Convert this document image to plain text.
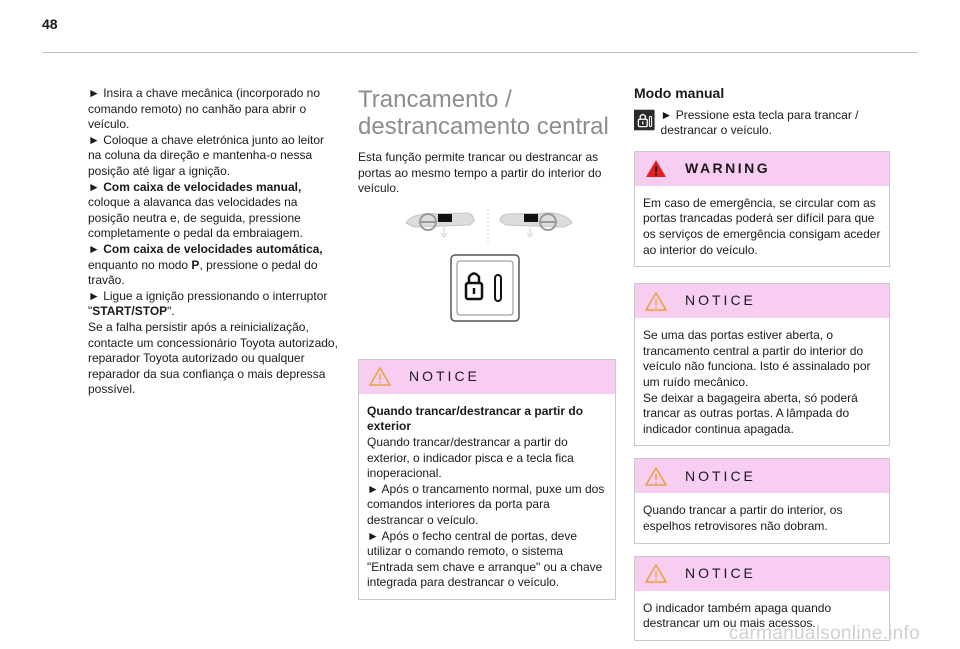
48

► Insira a chave mecânica (incorporado no comando remoto) no canhão para abrir o veículo.

► Coloque a chave eletrónica junto ao leitor na coluna da direção e mantenha-o nessa posição até ligar a ignição.

► Com caixa de velocidades manual, coloque a alavanca das velocidades na posição neutra e, de seguida, pressione completamente o pedal da embraiagem.

► Com caixa de velocidades automática, enquanto no modo P, pressione o pedal do travão.

► Ligue a ignição pressionando o interruptor "START/STOP".

Se a falha persistir após a reinicialização, contacte um concessionário Toyota autorizado, reparador Toyota autorizado ou qualquer reparador da sua confiança o mais depressa possível.

Trancamento / destrancamento central

Esta função permite trancar ou destrancar as portas ao mesmo tempo a partir do interior do veículo.

NOTICE

Quando trancar/destrancar a partir do exterior

Quando trancar/destrancar a partir do exterior, o indicador pisca e a tecla fica inoperacional.

► Após o trancamento normal, puxe um dos comandos interiores da porta para destrancar o veículo.

► Após o fecho central de portas, deve utilizar o comando remoto, o sistema "Entrada sem chave e arranque" ou a chave integrada para destrancar o veículo.

Modo manual
► Pressione esta tecla para trancar / destrancar o veículo.
WARNING

Em caso de emergência, se circular com as portas trancadas poderá ser difícil para que os serviços de emergência consigam aceder ao interior do veículo.

NOTICE

Se uma das portas estiver aberta, o trancamento central a partir do interior do veículo não funciona. Isto é assinalado por um ruído mecânico.

Se deixar a bagageira aberta, só poderá trancar as outras portas. A lâmpada do indicador continua apagada.

NOTICE

Quando trancar a partir do interior, os espelhos retrovisores não dobram.

NOTICE

O indicador também apaga quando destrancar um ou mais acessos.

carmanualsonline.info
